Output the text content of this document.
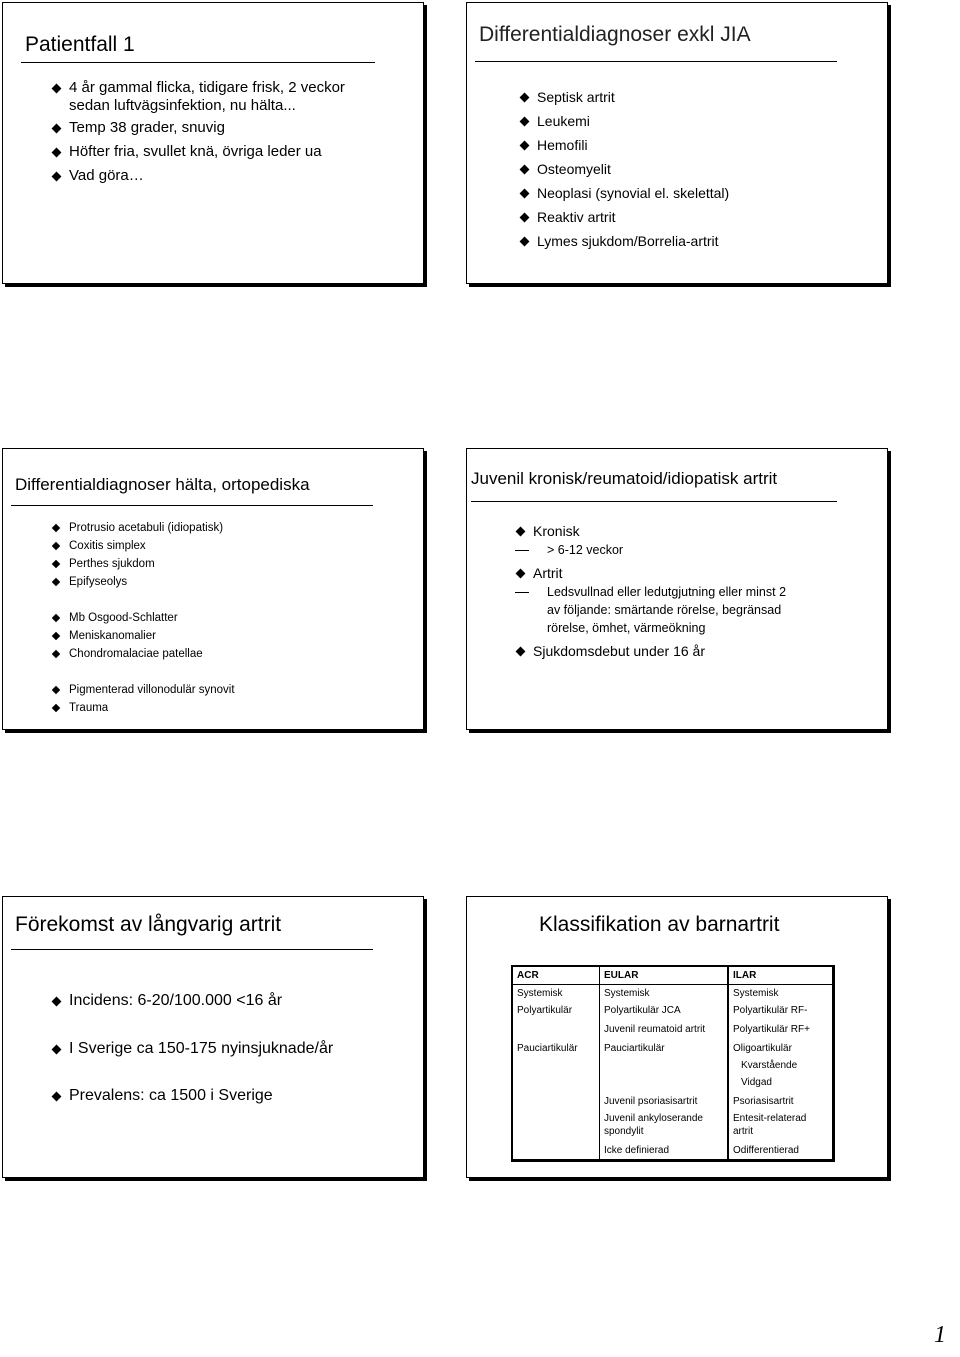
Patientfall 1
4 år gammal flicka, tidigare frisk, 2 veckor sedan luftvägsinfektion, nu hälta...
Temp 38 grader, snuvig
Höfter fria, svullet knä, övriga leder ua
Vad göra…
Differentialdiagnoser exkl JIA
Septisk artrit
Leukemi
Hemofili
Osteomyelit
Neoplasi (synovial el. skelettal)
Reaktiv artrit
Lymes sjukdom/Borrelia-artrit
Differentialdiagnoser hälta, ortopediska
Protrusio acetabuli (idiopatisk)
Coxitis simplex
Perthes sjukdom
Epifyseolys
Mb Osgood-Schlatter
Meniskanomalier
Chondromalaciae patellae
Pigmenterad villonodulär synovit
Trauma
Juvenil kronisk/reumatoid/idiopatisk artrit
Kronisk
> 6-12 veckor
Artrit
Ledsvullnad eller ledutgjutning eller minst 2
av följande: smärtande rörelse, begränsad
rörelse, ömhet, värmeökning
Sjukdomsdebut under 16 år
Förekomst av långvarig artrit
Incidens: 6-20/100.000 <16 år
I Sverige ca 150-175 nyinsjuknade/år
Prevalens: ca 1500 i Sverige
Klassifikation av barnartrit
ACR	EULAR	ILAR
Systemisk	Systemisk	Systemisk
Polyartikulär	Polyartikulär JCA	Polyartikulär RF-
	Juvenil reumatoid artrit	Polyartikulär RF+
Pauciartikulär	Pauciartikulär	Oligoartikulär
		Kvarstående
		Vidgad
	Juvenil psoriasisartrit	Psoriasisartrit
	Juvenil ankyloserande spondylit	Entesit-relaterad artrit
	Icke definierad	Odifferentierad
1
